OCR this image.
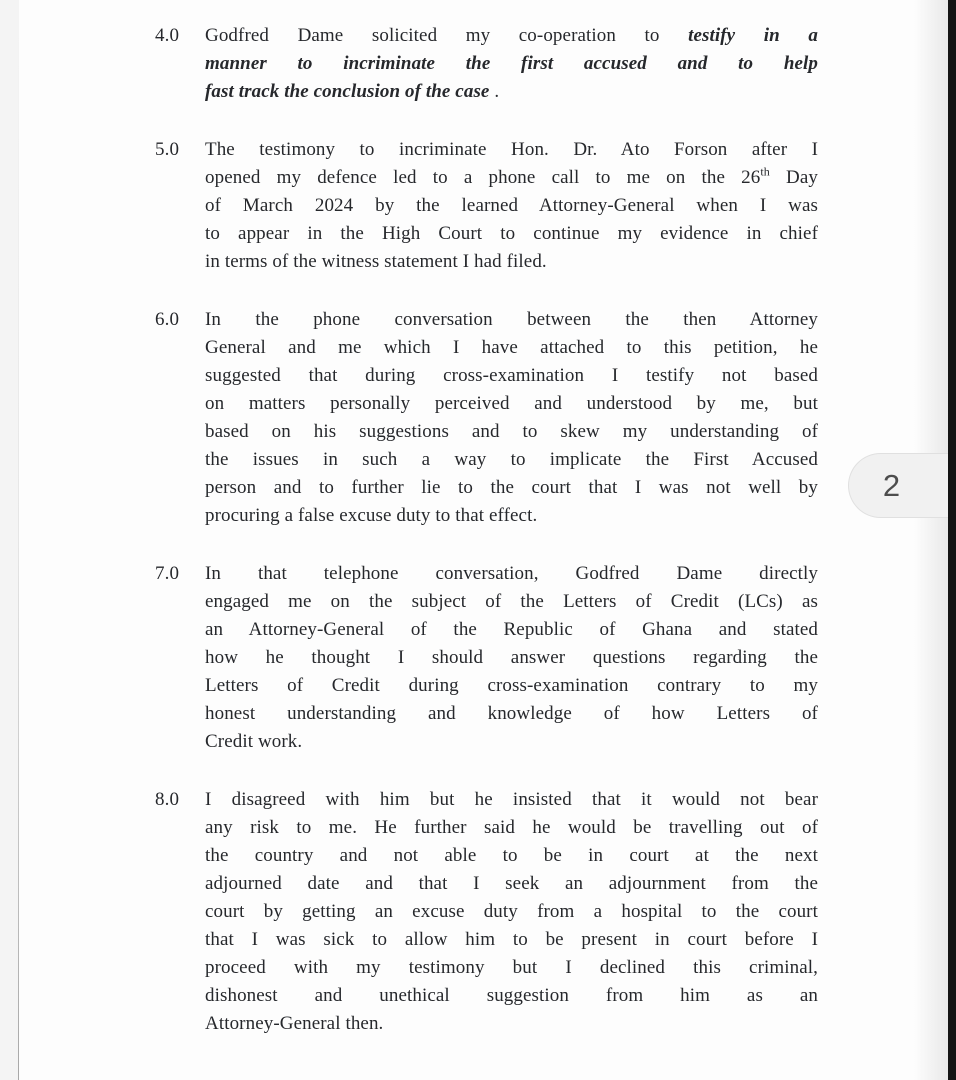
4.0	Godfred Dame solicited my co-operation to testify in a
manner to incriminate the first accused and to help
fast track the conclusion of the case .
5.0	The testimony to incriminate Hon. Dr. Ato Forson after I
opened my defence led to a phone call to me on the 26th Day
of March 2024 by the learned Attorney-General when I was
to appear in the High Court to continue my evidence in chief
in terms of the witness statement I had filed.
6.0	In the phone conversation between the then Attorney
General and me which I have attached to this petition, he
suggested that during cross-examination I testify not based
on matters personally perceived and understood by me, but
based on his suggestions and to skew my understanding of
the issues in such a way to implicate the First Accused
person and to further lie to the court that I was not well by
procuring a false excuse duty to that effect.
7.0	In that telephone conversation, Godfred Dame directly
engaged me on the subject of the Letters of Credit (LCs) as
an Attorney-General of the Republic of Ghana and stated
how he thought I should answer questions regarding the
Letters of Credit during cross-examination contrary to my
honest understanding and knowledge of how Letters of
Credit work.
8.0	I disagreed with him but he insisted that it would not bear
any risk to me. He further said he would be travelling out of
the country and not able to be in court at the next
adjourned date and that I seek an adjournment from the
court by getting an excuse duty from a hospital to the court
that I was sick to allow him to be present in court before I
proceed with my testimony but I declined this criminal,
dishonest and unethical suggestion from him as an
Attorney-General then.
2
